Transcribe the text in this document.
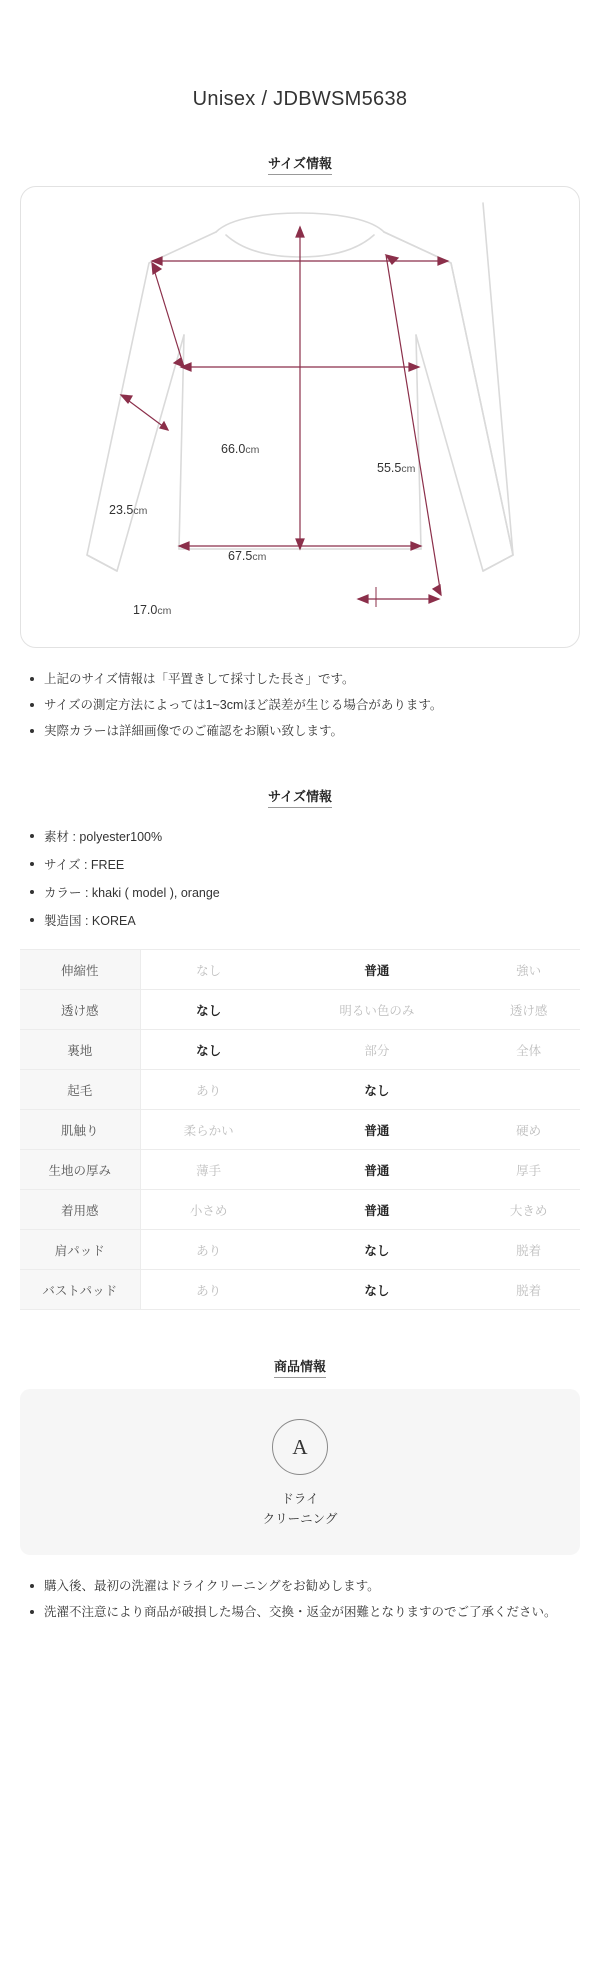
Unisex / JDBWSM5638
サイズ情報
66.0cm
55.5cm
23.5cm
67.5cm
17.0cm
上記のサイズ情報は「平置きして採寸した長さ」です。
サイズの測定方法によっては1~3cmほど誤差が生じる場合があります。
実際カラーは詳細画像でのご確認をお願い致します。
サイズ情報
素材 : polyester100%
サイズ : FREE
カラー : khaki ( model ), orange
製造国 : KOREA
伸縮性	なし	普通	強い
透け感	なし	明るい色のみ	透け感
裏地	なし	部分	全体
起毛	あり	なし	
肌触り	柔らかい	普通	硬め
生地の厚み	薄手	普通	厚手
着用感	小さめ	普通	大きめ
肩パッド	あり	なし	脱着
バストパッド	あり	なし	脱着
商品情報
A
ドライ
クリーニング
購入後、最初の洗濯はドライクリーニングをお勧めします。
洗濯不注意により商品が破損した場合、交換・返金が困難となりますのでご了承ください。
